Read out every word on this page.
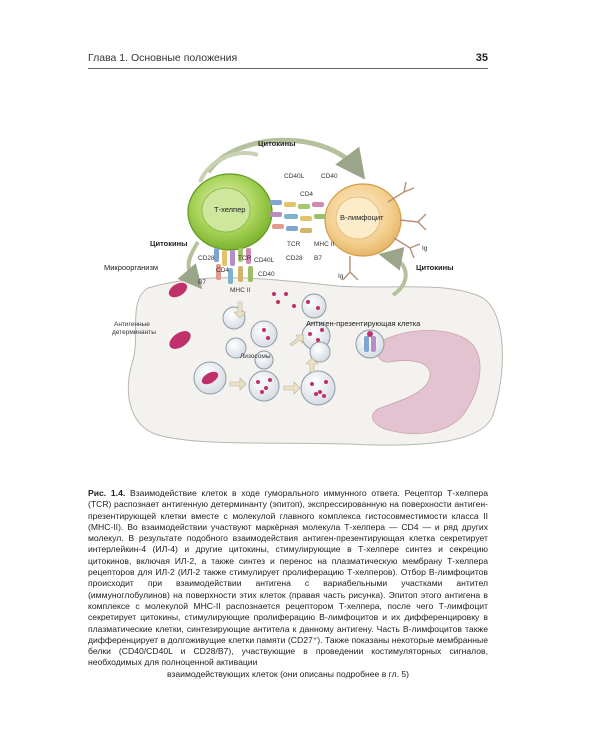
Глава 1. Основные положения	35
Цитокины
Т-хелпер
В-лимфоцит
CD40L	CD40
CD4
TCR MHC II
CD28 B7
Ig
Ig
Цитокины
Цитокины
CD28
CD4
B7
TCR CD40L
CD40
MHC II
Микроорганизм
Антигенные
детерминанты
Лизосомы
Антиген-презентирующая клетка

Рис. 1.4. Взаимодействие клеток в ходе гуморального иммунного ответа. Рецептор Т-хелпера (TCR) распознает антигенную детерминанту (эпитоп), экспрессированную на поверхности антиген-презентирующей клетки вместе с молекулой главного комплекса гистосовместимости класса II (MHC-II). Во взаимодействии участвуют маркёрная молекула Т-хелпера — CD4 — и ряд других молекул. В результате подобного взаимодействия антиген-презентирующая клетка секретирует интерлейкин-4 (ИЛ-4) и другие цитокины, стимулирующие в Т-хелпере синтез и секрецию цитокинов, включая ИЛ-2, а также синтез и перенос на плазматическую мембрану Т-хелпера рецепторов для ИЛ-2 (ИЛ-2 также стимулирует пролиферацию Т-хелперов). Отбор В-лимфоцитов происходит при взаимодействии антигена с вариабельными участками антител (иммуноглобулинов) на поверхности этих клеток (правая часть рисунка). Эпитоп этого антигена в комплексе с молекулой MHC-II распознается рецептором Т-хелпера, после чего Т-лимфоцит секретирует цитокины, стимулирующие пролиферацию В-лимфоцитов и их дифференцировку в плазматические клетки, синтезирующие антитела к данному антигену. Часть В-лимфоцитов также дифференцирует в долгоживущие клетки памяти (CD27⁺). Также показаны некоторые мембранные белки (CD40/CD40L и CD28/B7), участвующие в проведении костимуляторных сигналов, необходимых для полноценной активации
взаимодействующих клеток (они описаны подробнее в гл. 5)
